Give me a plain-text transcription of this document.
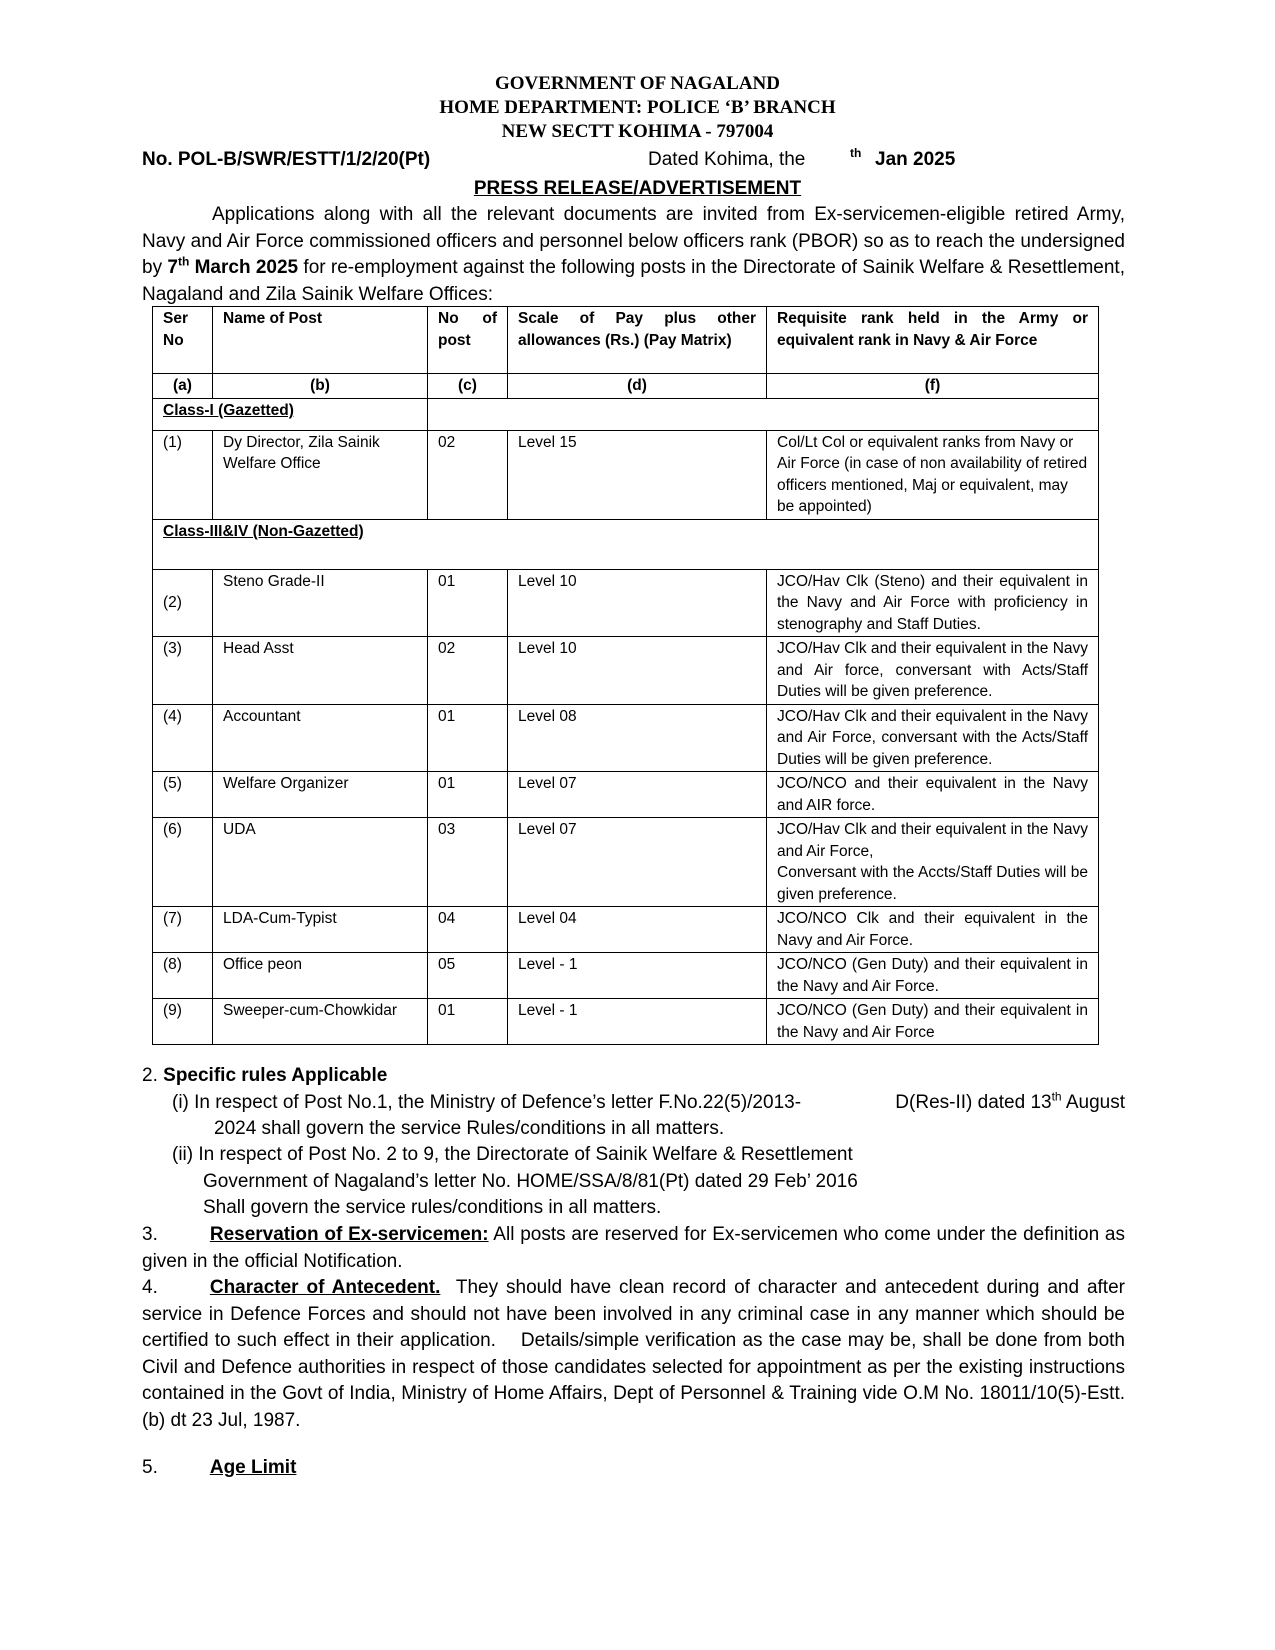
GOVERNMENT OF NAGALAND
HOME DEPARTMENT: POLICE ‘B’ BRANCH
NEW SECTT KOHIMA - 797004
No. POL-B/SWR/ESTT/1/2/20(Pt)	Dated Kohima, the	th Jan 2025
PRESS RELEASE/ADVERTISEMENT
Applications along with all the relevant documents are invited from Ex-servicemen-eligible retired Army, Navy and Air Force commissioned officers and personnel below officers rank (PBOR) so as to reach the undersigned by 7th March 2025 for re-employment against the following posts in the Directorate of Sainik Welfare & Resettlement, Nagaland and Zila Sainik Welfare Offices:
Ser No	Name of Post	No of post	Scale of Pay plus other allowances (Rs.) (Pay Matrix)	Requisite rank held in the Army or equivalent rank in Navy & Air Force
(a)	(b)	(c)	(d)	(f)
Class-I (Gazetted)				
(1)	Dy Director, Zila Sainik Welfare Office	02	Level 15	Col/Lt Col or equivalent ranks from Navy or Air Force (in case of non availability of retired officers mentioned, Maj or equivalent, may be appointed)
Class-III&IV (Non-Gazetted)				
(2)	Steno Grade-II	01	Level 10	JCO/Hav Clk (Steno) and their equivalent in the Navy and Air Force with proficiency in stenography and Staff Duties.
(3)	Head Asst	02	Level 10	JCO/Hav Clk and their equivalent in the Navy and Air force, conversant with Acts/Staff Duties will be given preference.
(4)	Accountant	01	Level 08	JCO/Hav Clk and their equivalent in the Navy and Air Force, conversant with the Acts/Staff Duties will be given preference.
(5)	Welfare Organizer	01	Level 07	JCO/NCO and their equivalent in the Navy and AIR force.
(6)	UDA	03	Level 07	JCO/Hav Clk and their equivalent in the Navy and Air Force,
Conversant with the Accts/Staff Duties will be given preference.

(7)	LDA-Cum-Typist	04	Level 04	JCO/NCO Clk and their equivalent in the Navy and Air Force.
(8)	Office peon	05	Level - 1	JCO/NCO (Gen Duty) and their equivalent in the Navy and Air Force.
(9)	Sweeper-cum-Chowkidar	01	Level - 1	JCO/NCO (Gen Duty) and their equivalent in the Navy and Air Force
2. Specific rules Applicable
(i) In respect of Post No.1, the Ministry of Defence’s letter F.No.22(5)/2013-	D(Res-II) dated 13th August
2024 shall govern the service Rules/conditions in all matters.
(ii) In respect of Post No. 2 to 9, the Directorate of Sainik Welfare & Resettlement
Government of Nagaland’s letter No. HOME/SSA/8/81(Pt) dated 29 Feb’ 2016
Shall govern the service rules/conditions in all matters.
3.	Reservation of Ex-servicemen: All posts are reserved for Ex-servicemen who come under the definition as given in the official Notification.
4.	Character of Antecedent.  They should have clean record of character and antecedent during and after service in Defence Forces and should not have been involved in any criminal case in any manner which should be certified to such effect in their application.    Details/simple verification as the case may be, shall be done from both Civil and Defence authorities in respect of those candidates selected for appointment as per the existing instructions contained in the Govt of India, Ministry of Home Affairs, Dept of Personnel & Training vide O.M No. 18011/10(5)-Estt. (b) dt 23 Jul, 1987.
5.	Age Limit
